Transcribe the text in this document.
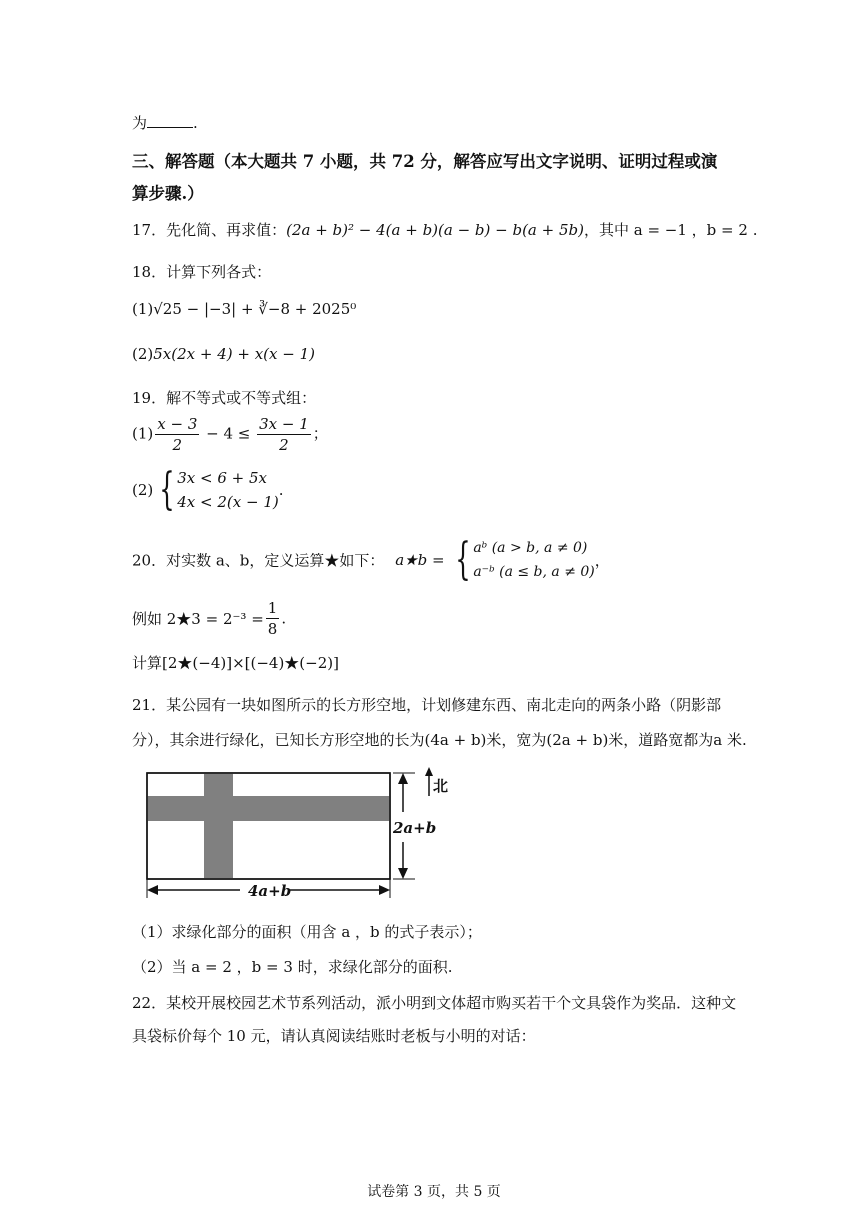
为	.
三、解答题（本大题共 7 小题，共 72 分，解答应写出文字说明、证明过程或演
算步骤.）
17．先化简、再求值：(2a + b)² − 4(a + b)(a − b) − b(a + 5b)，其中 a = −1 ，b = 2 .
18．计算下列各式：
(1)√25 − |−3| + ∛−8 + 2025⁰
(2)5x(2x + 4) + x(x − 1)
19．解不等式或不等式组：
$(1) \frac{x - 3}{2} - 4 \le \frac{3x - 1}{2}$ ；
(2) { 3x < 6 + 5x
4x < 2(x − 1)
.
20．对实数 a、b，定义运算★如下： a★b = { aᵇ (a > b, a ≠ 0)
a⁻ᵇ (a ≤ b, a ≠ 0)
，
例如 2★3 = $2^{-3} = \frac{1}{8}$ .
计算[2★(−4)]×[(−4)★(−2)]
21．某公园有一块如图所示的长方形空地，计划修建东西、南北走向的两条小路（阴影部
分），其余进行绿化，已知长方形空地的长为(4a + b)米，宽为(2a + b)米，道路宽都为a 米.
2a+b
北
4a+b
（1）求绿化部分的面积（用含 a ，b 的式子表示）；
（2）当 a = 2 ，b = 3 时，求绿化部分的面积.
22．某校开展校园艺术节系列活动，派小明到文体超市购买若干个文具袋作为奖品．这种文
具袋标价每个 10 元，请认真阅读结账时老板与小明的对话：
试卷第 3 页，共 5 页
